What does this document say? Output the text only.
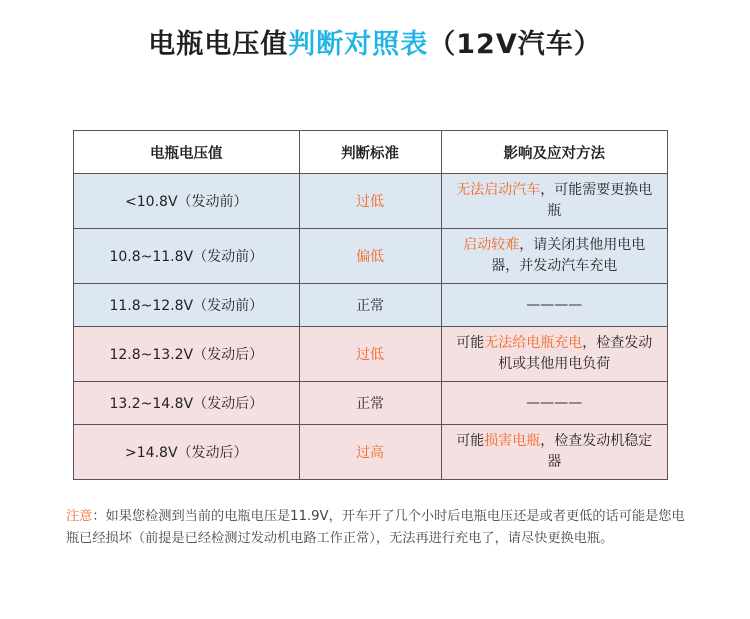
电瓶电压值判断对照表（12V汽车）
电瓶电压值	判断标准	影响及应对方法
<10.8V（发动前）	过低	无法启动汽车，可能需要更换电瓶
10.8~11.8V（发动前）	偏低	启动较难，请关闭其他用电电器，并发动汽车充电
11.8~12.8V（发动前）	正常	————
12.8~13.2V（发动后）	过低	可能无法给电瓶充电，检查发动机或其他用电负荷
13.2~14.8V（发动后）	正常	————
>14.8V（发动后）	过高	可能损害电瓶，检查发动机稳定器
注意：如果您检测到当前的电瓶电压是11.9V，开车开了几个小时后电瓶电压还是或者更低的话可能是您电瓶已经损坏（前提是已经检测过发动机电路工作正常），无法再进行充电了，请尽快更换电瓶。
